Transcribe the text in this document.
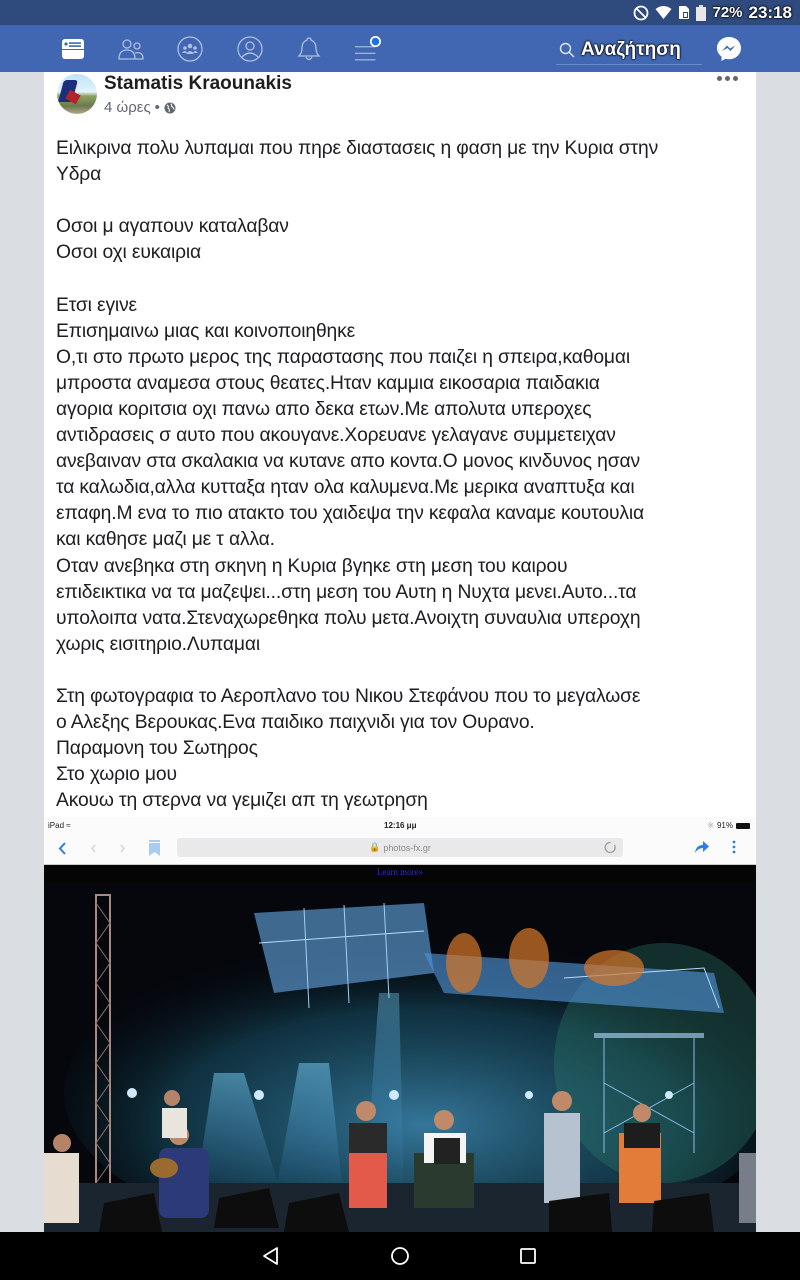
72% 23:18
Αναζήτηση
Stamatis Kraounakis
4 ώρες •

Ειλικρινα πολυ λυπαμαι που πηρε διαστασεις η φαση με την Κυρια στην

Υδρα

Οσοι μ αγαπουν καταλαβαν

Οσοι οχι ευκαιρια

Ετσι εγινε

Επισημαινω μιας και κοινοποιηθηκε

Ο,τι στο πρωτο μερος της παραστασης που παιζει η σπειρα,καθομαι

μπροστα αναμεσα στους θεατες.Ηταν καμμια εικοσαρια παιδακια

αγορια κοριτσια οχι πανω απο δεκα ετων.Με απολυτα υπεροχες

αντιδρασεις σ αυτο που ακουγανε.Χορευανε γελαγανε συμμετειχαν

ανεβαιναν στα σκαλακια να κυτανε απο κοντα.Ο μονος κινδυνος ησαν

τα καλωδια,αλλα κυτταξα ηταν ολα καλυμενα.Με μερικα αναπτυξα και

επαφη.Μ ενα το πιο ατακτο του χαιδεψα την κεφαλα καναμε κουτουλια

και καθησε μαζι με τ αλλα.

Οταν ανεβηκα στη σκηνη η Κυρια βγηκε στη μεση του καιρου

επιδεικτικα να τα μαζεψει...στη μεση του Αυτη η Νυχτα μενει.Αυτο...τα

υπολοιπα νατα.Στεναχωρεθηκα πολυ μετα.Ανοιχτη συναυλια υπεροχη

χωρις εισιτηριο.Λυπαμαι

Στη φωτογραφια το Αεροπλανο του Νικου Στεφάνου που το μεγαλωσε

ο Αλεξης Βερουκας.Ενα παιδικο παιχνιδι για τον Ουρανο.

Παραμονη του Σωτηρος

Στο χωριο μου

Ακουω τη στερνα να γεμιζει απ τη γεωτρηση

iPad ≈	12:16 μμ	※ 91%
🔒 photos-fx.gr
Learn more»
